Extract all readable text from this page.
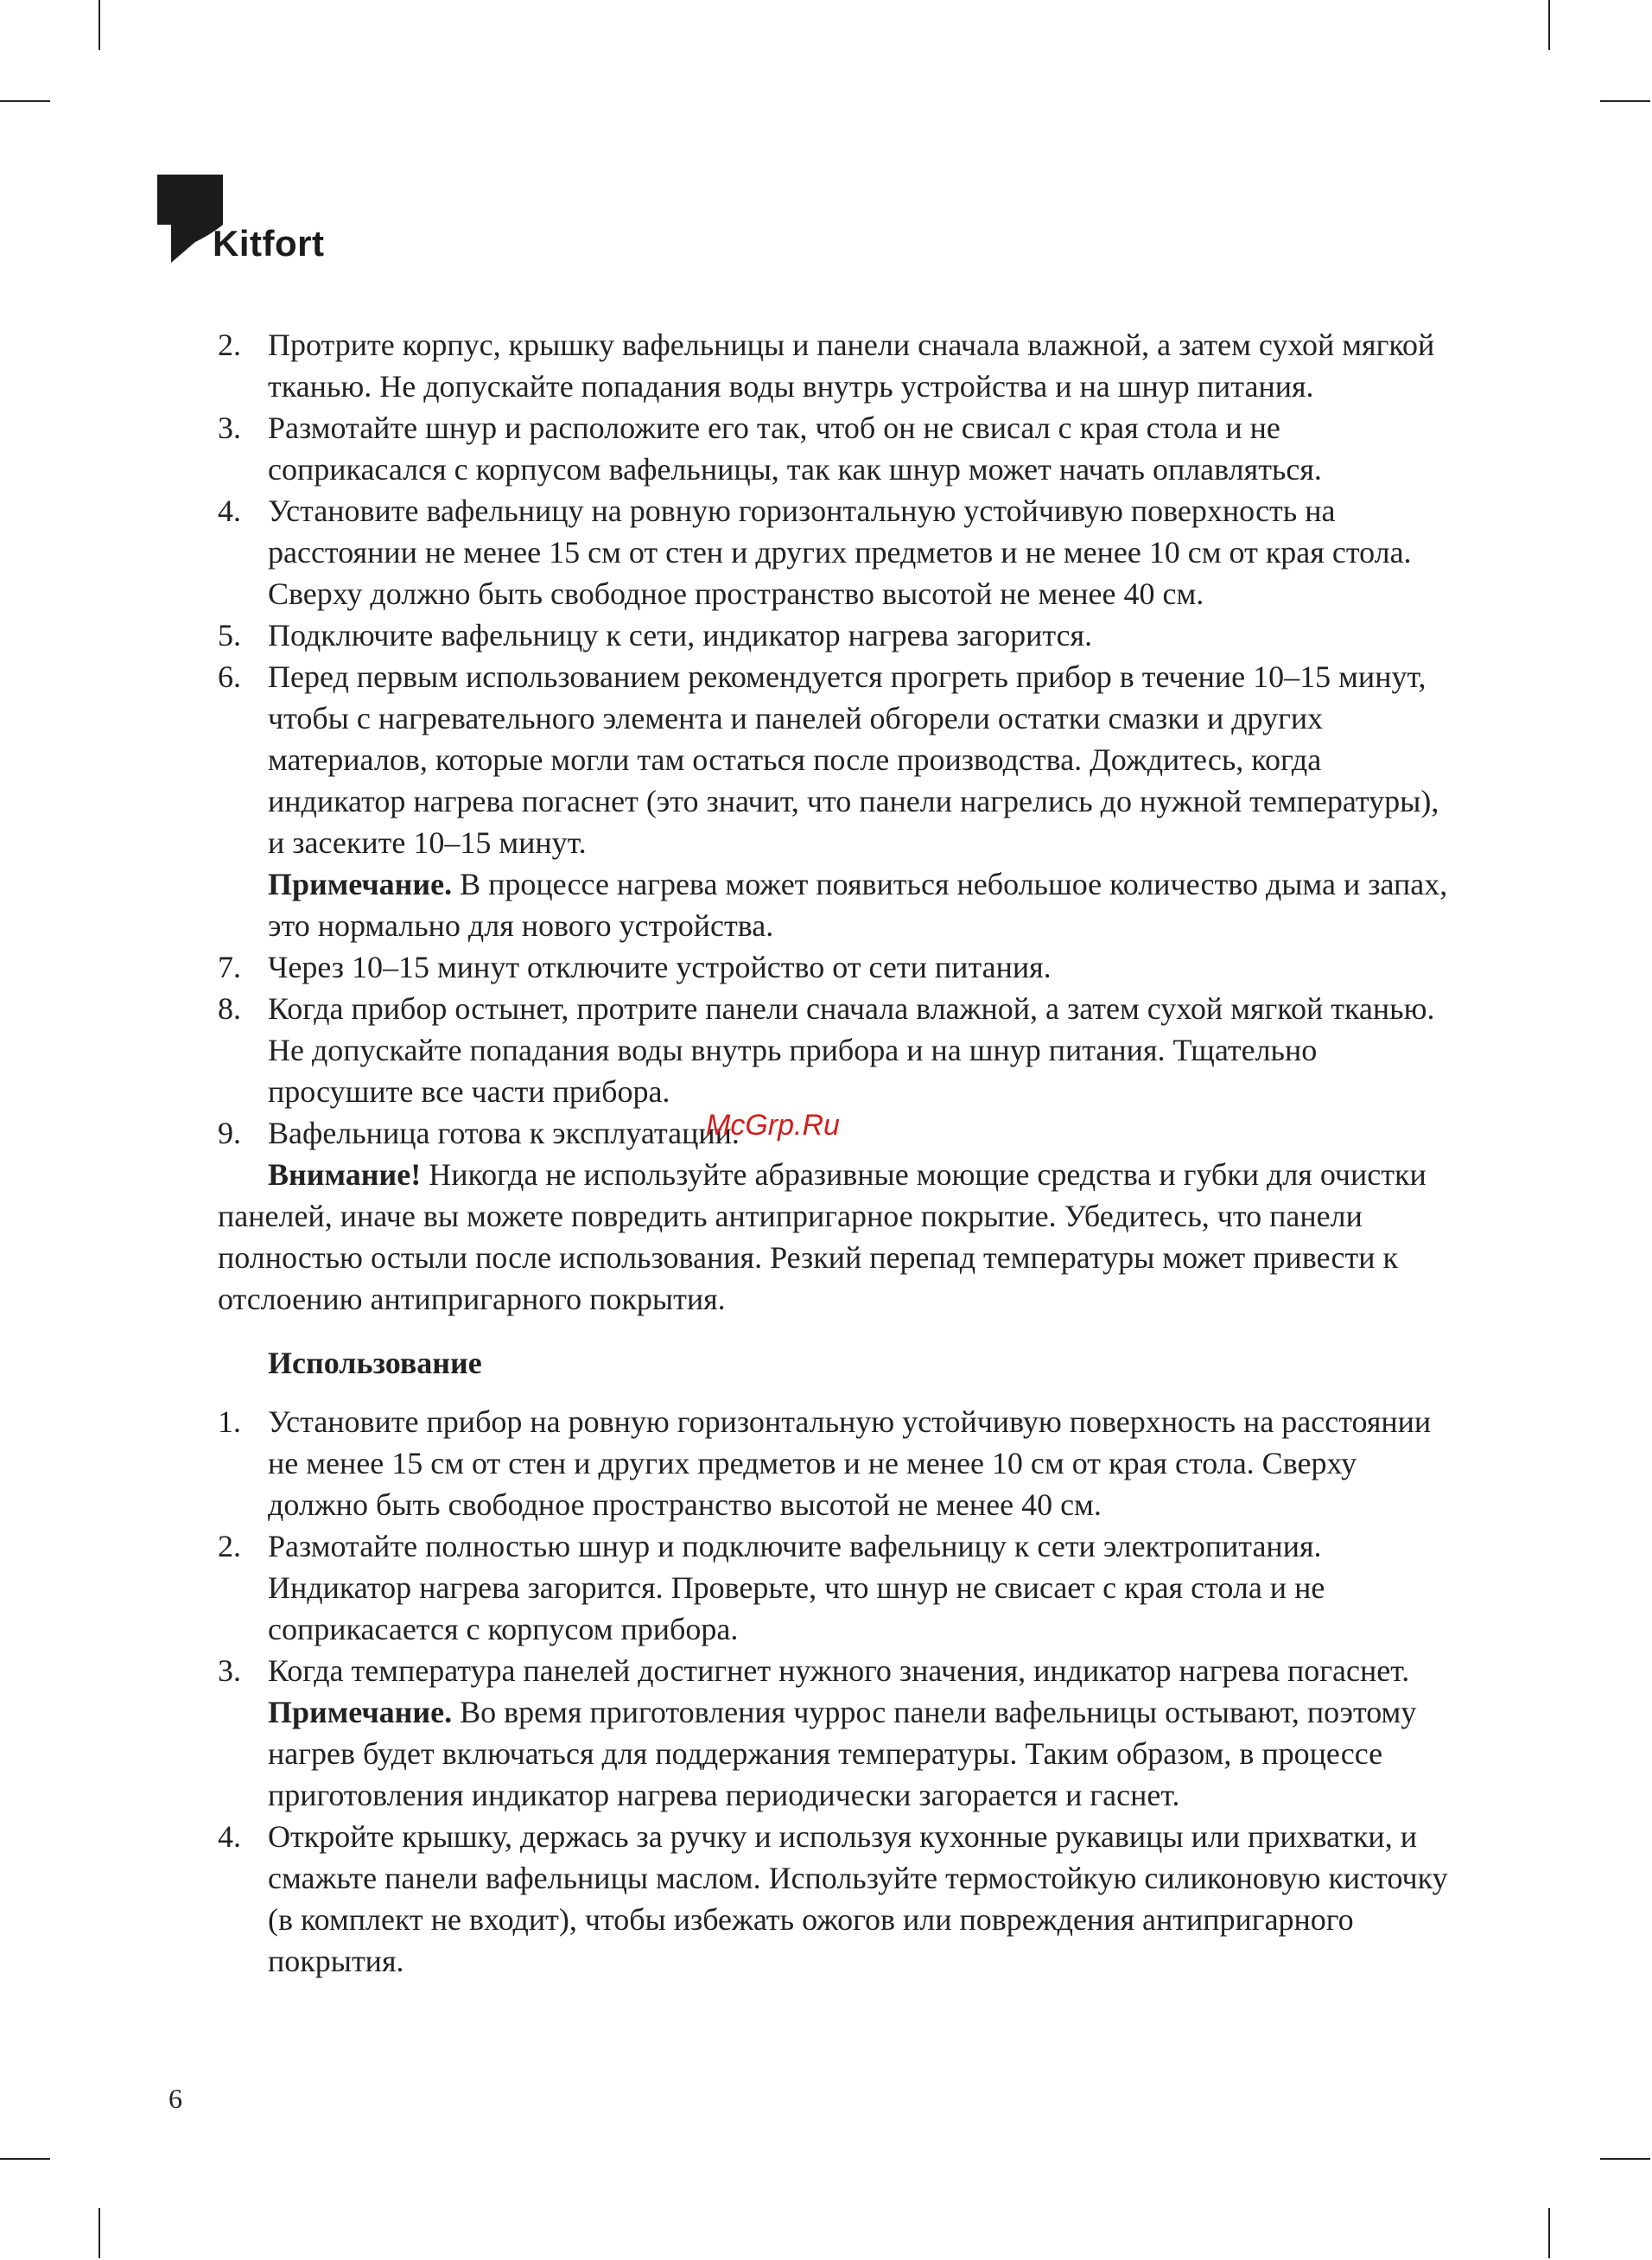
Kitfort
2. Протрите корпус, крышку вафельницы и панели сначала влажной, а затем сухой мягкой тканью. Не допускайте попадания воды внутрь устройства и на шнур питания.
3. Размотайте шнур и расположите его так, чтоб он не свисал с края стола и не соприкасался с корпусом вафельницы, так как шнур может начать оплавляться.
4. Установите вафельницу на ровную горизонтальную устойчивую поверхность на расстоянии не менее 15 см от стен и других предметов и не менее 10 см от края стола. Сверху должно быть свободное пространство высотой не менее 40 см.
5. Подключите вафельницу к сети, индикатор нагрева загорится.
6. Перед первым использованием рекомендуется прогреть прибор в течение 10–15 минут, чтобы с нагревательного элемента и панелей обгорели остатки смазки и других материалов, которые могли там остаться после производства. Дождитесь, когда индикатор нагрева погаснет (это значит, что панели нагрелись до нужной температуры), и засеките 10–15 минут.
Примечание. В процессе нагрева может появиться небольшое количество дыма и запах, это нормально для нового устройства.
7. Через 10–15 минут отключите устройство от сети питания.
8. Когда прибор остынет, протрите панели сначала влажной, а затем сухой мягкой тканью. Не допускайте попадания воды внутрь прибора и на шнур питания. Тщательно просушите все части прибора.
9. Вафельница готова к эксплуатации.

Внимание! Никогда не используйте абразивные моющие средства и губки для очистки панелей, иначе вы можете повредить антипригарное покрытие. Убедитесь, что панели полностью остыли после использования. Резкий перепад температуры может привести к отслоению антипригарного покрытия.

Использование
1. Установите прибор на ровную горизонтальную устойчивую поверхность на расстоянии не менее 15 см от стен и других предметов и не менее 10 см от края стола. Сверху должно быть свободное пространство высотой не менее 40 см.
2. Размотайте полностью шнур и подключите вафельницу к сети электропитания. Индикатор нагрева загорится. Проверьте, что шнур не свисает с края стола и не соприкасается с корпусом прибора.
3. Когда температура панелей достигнет нужного значения, индикатор нагрева погаснет.
Примечание. Во время приготовления чуррос панели вафельницы остывают, поэтому нагрев будет включаться для поддержания температуры. Таким образом, в процессе приготовления индикатор нагрева периодически загорается и гаснет.
4. Откройте крышку, держась за ручку и используя кухонные рукавицы или прихватки, и смажьте панели вафельницы маслом. Используйте термостойкую силиконовую кисточку (в комплект не входит), чтобы избежать ожогов или повреждения антипригарного покрытия.
McGrp.Ru
6
